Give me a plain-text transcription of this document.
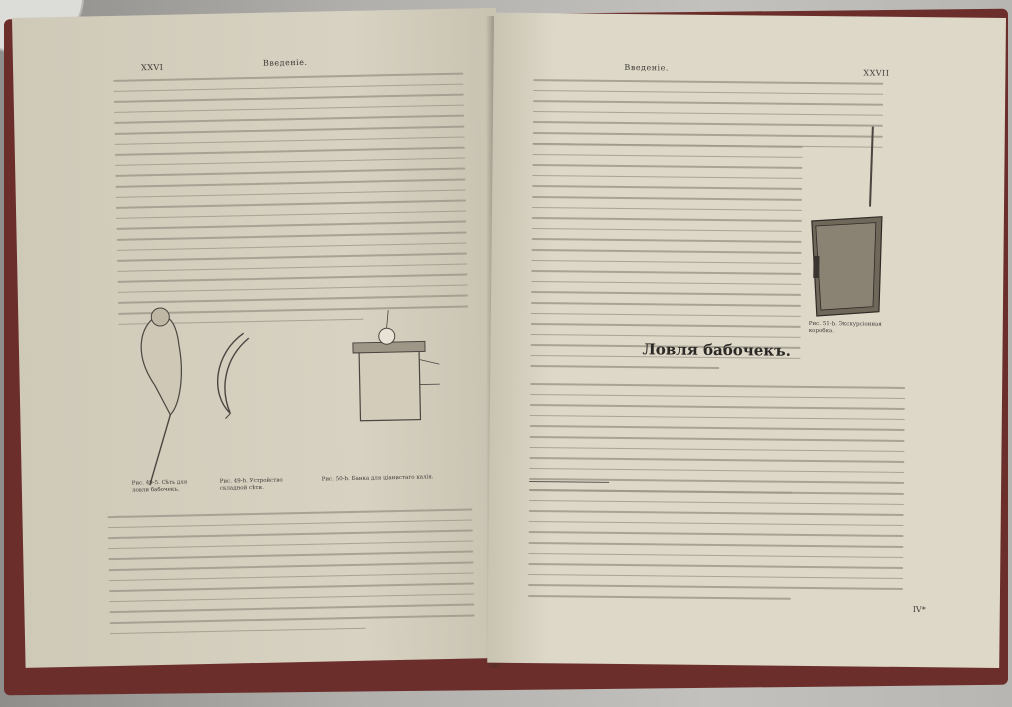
XXVI	Введеніе.
Рис. 49-5. Сѣть для ловли бабочекъ.
Рис. 49-b. Устройство складной сѣти.
Рис. 50-b. Банка для ціанистаго калія.
Введеніе.
XXVII
Рис. 51-b. Экскурсіонная коробка.
Ловля бабочекъ.
IV*
